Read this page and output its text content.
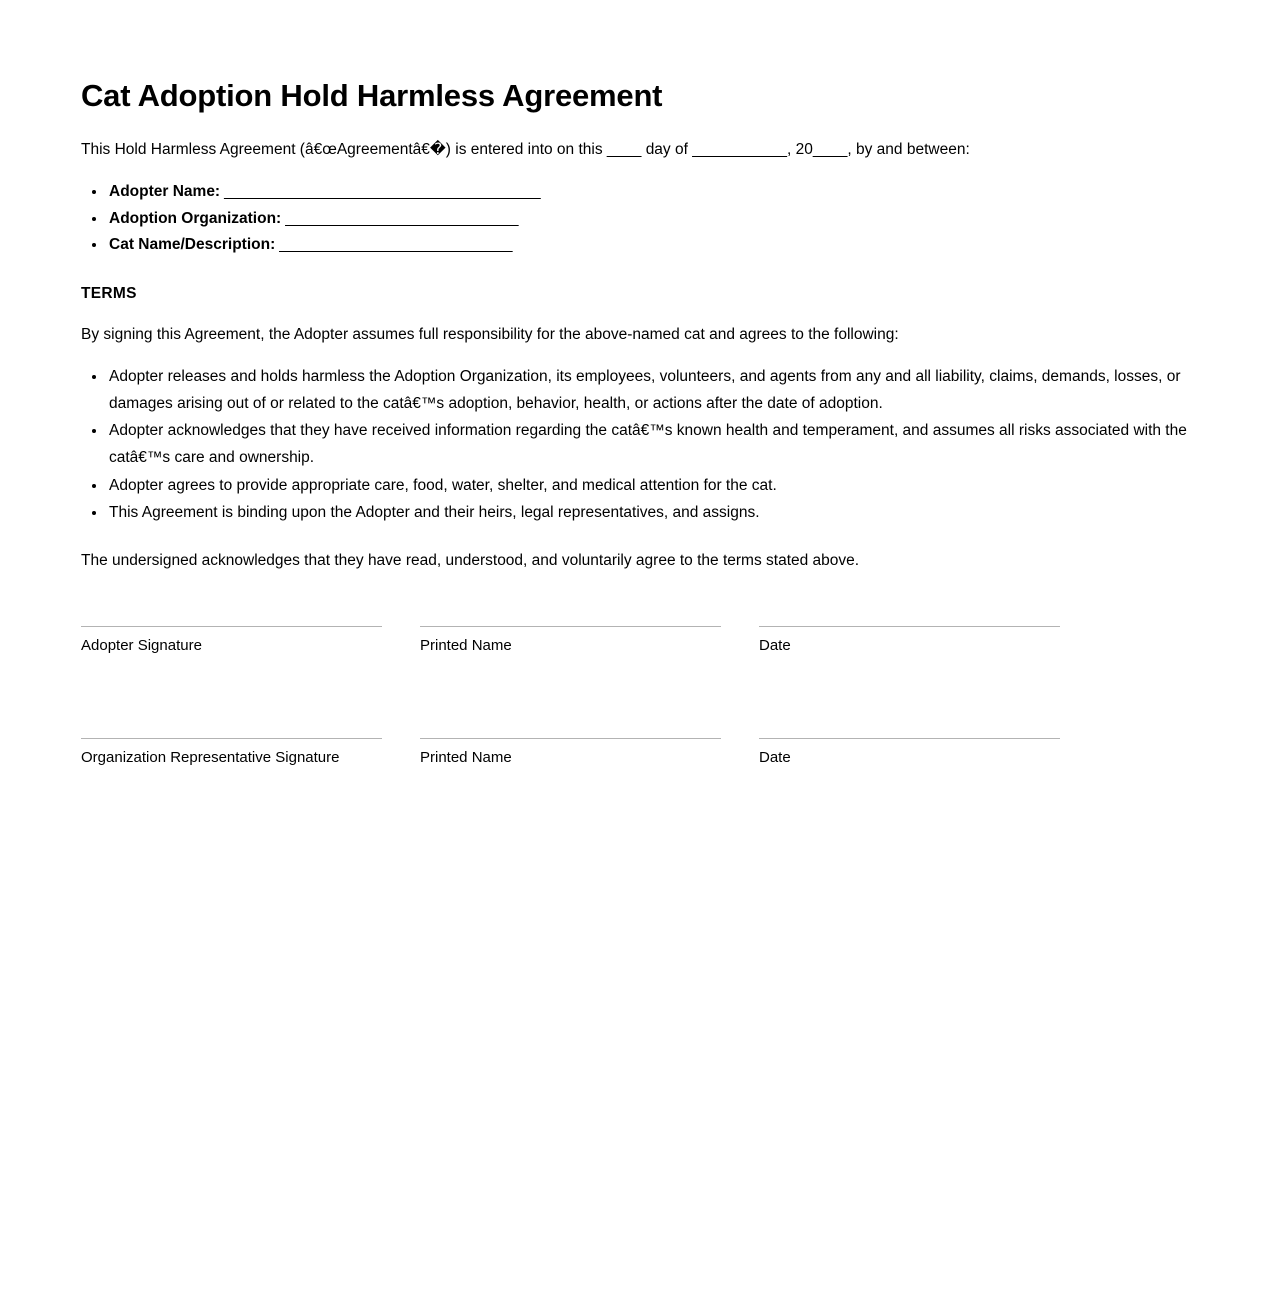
Cat Adoption Hold Harmless Agreement

This Hold Harmless Agreement (â€œAgreementâ€�) is entered into on this ____ day of ___________, 20____, by and between:

• Adopter Name: ______________________________________
• Adoption Organization: ____________________________
• Cat Name/Description: ____________________________
TERMS

By signing this Agreement, the Adopter assumes full responsibility for the above-named cat and agrees to the following:

• Adopter releases and holds harmless the Adoption Organization, its employees, volunteers, and agents from any and all liability, claims, demands, losses, or damages arising out of or related to the catâ€™s adoption, behavior, health, or actions after the date of adoption.
• Adopter acknowledges that they have received information regarding the catâ€™s known health and temperament, and assumes all risks associated with the catâ€™s care and ownership.
• Adopter agrees to provide appropriate care, food, water, shelter, and medical attention for the cat.
• This Agreement is binding upon the Adopter and their heirs, legal representatives, and assigns.

The undersigned acknowledges that they have read, understood, and voluntarily agree to the terms stated above.

Adopter Signature	Printed Name	Date
Organization Representative Signature	Printed Name	Date
